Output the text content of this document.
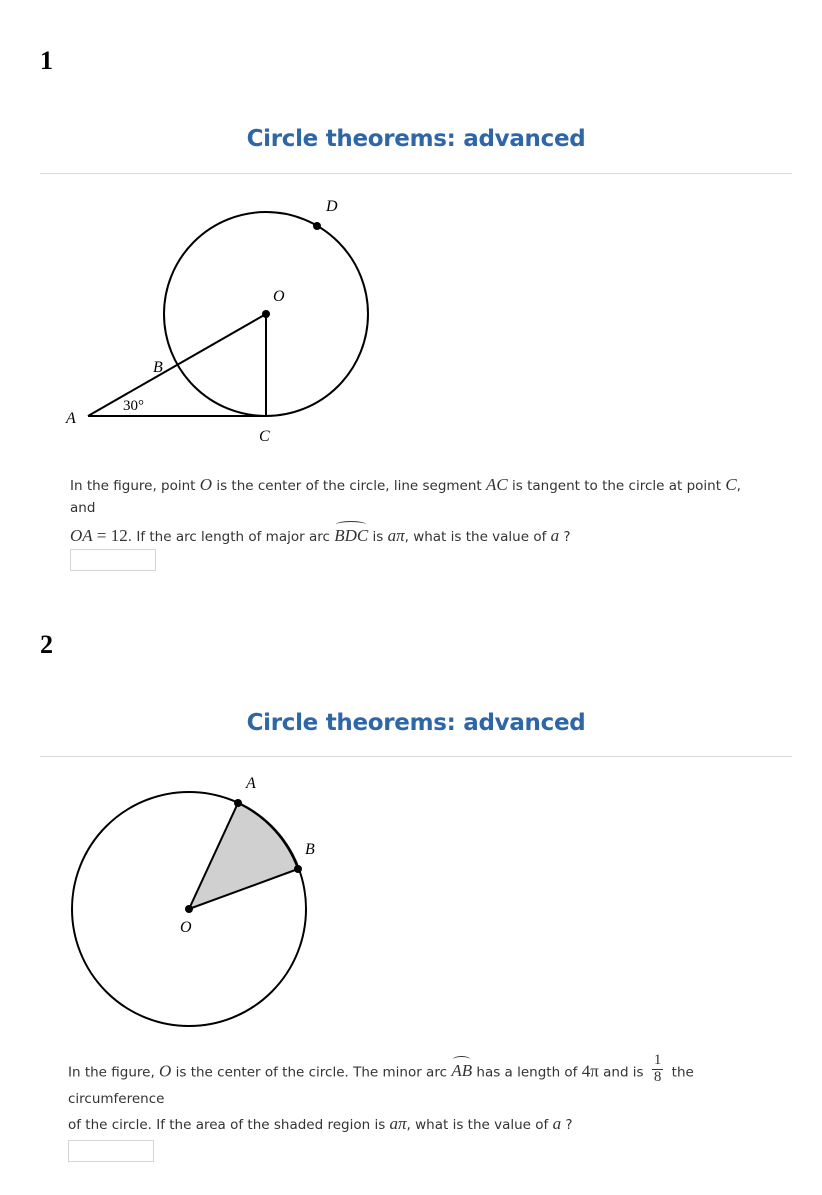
1
Circle theorems: advanced
D
O
B
A
30°
C
In the figure, point O is the center of the circle, line segment AC is tangent to the circle at point C, and
OA = 12. If the arc length of major arc BDC is aπ, what is the value of a ?
2
Circle theorems: advanced
A
B
O
In the figure, O is the center of the circle. The minor arc AB has a length of 4π and is $\frac{1}{8}$ the circumference
of the circle. If the area of the shaded region is aπ, what is the value of a ?
